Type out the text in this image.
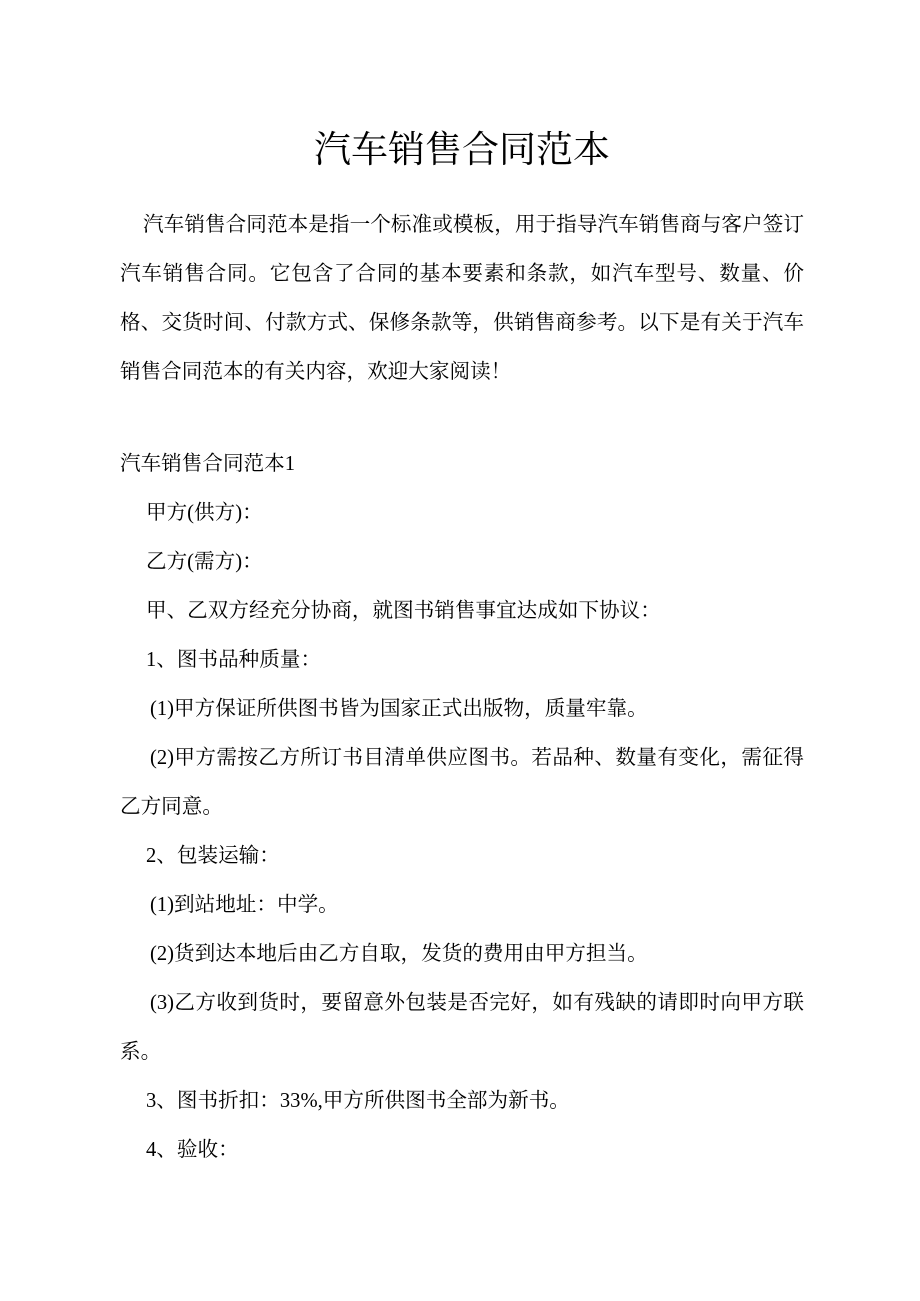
汽车销售合同范本

汽车销售合同范本是指一个标准或模板，用于指导汽车销售商与客户签订汽车销售合同。它包含了合同的基本要素和条款，如汽车型号、数量、价格、交货时间、付款方式、保修条款等，供销售商参考。以下是有关于汽车销售合同范本的有关内容，欢迎大家阅读！

汽车销售合同范本1

甲方(供方)：

乙方(需方)：

甲、乙双方经充分协商，就图书销售事宜达成如下协议：

1、图书品种质量：

(1)甲方保证所供图书皆为国家正式出版物，质量牢靠。

(2)甲方需按乙方所订书目清单供应图书。若品种、数量有变化，需征得乙方同意。

2、包装运输：

(1)到站地址：中学。

(2)货到达本地后由乙方自取，发货的费用由甲方担当。

(3)乙方收到货时，要留意外包装是否完好，如有残缺的请即时向甲方联系。

3、图书折扣：33%,甲方所供图书全部为新书。

4、验收：
